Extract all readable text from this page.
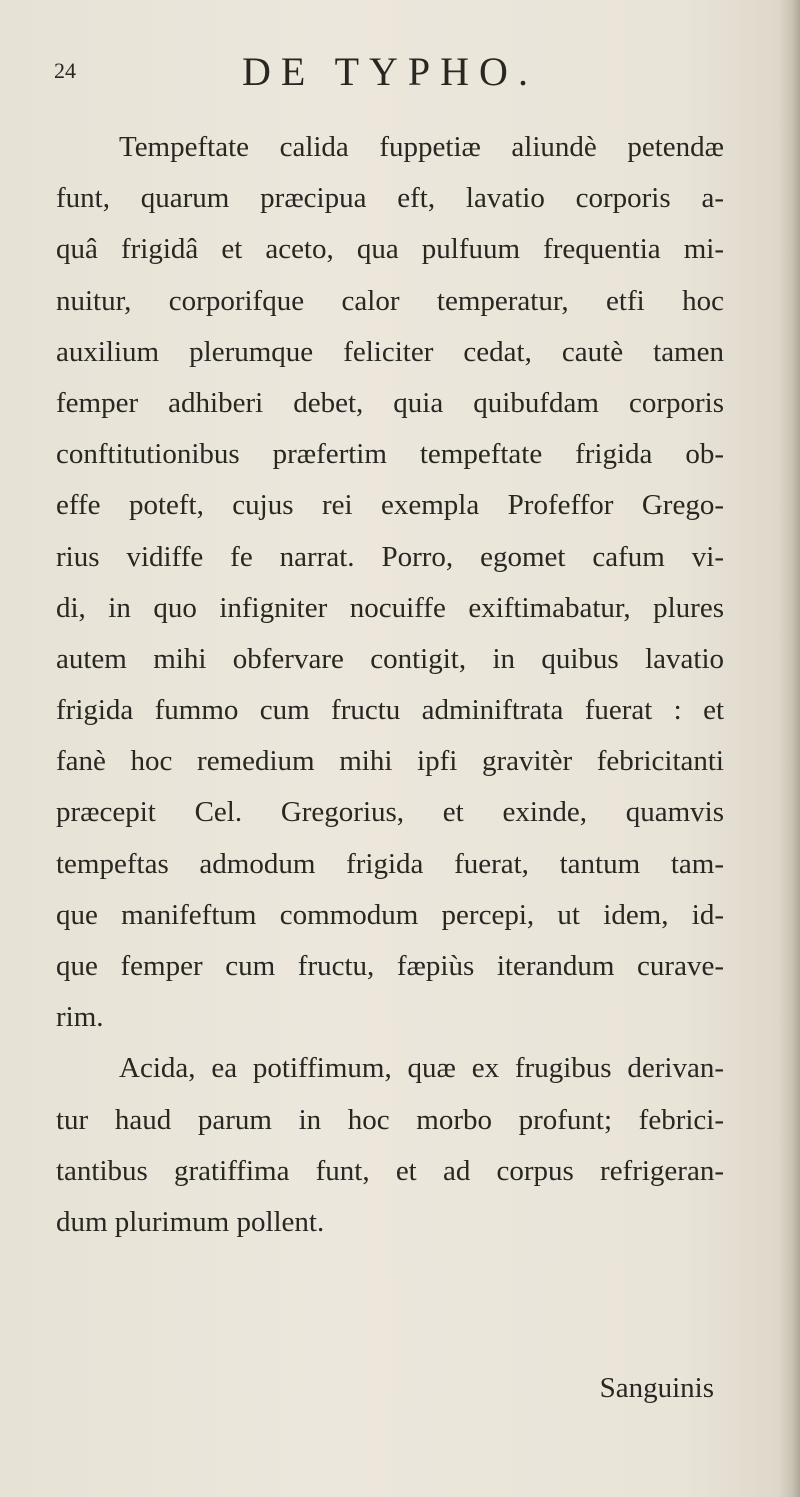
24	DE TYPHO.
Tempeftate calida fuppetiæ aliundè petendæ
funt, quarum præcipua eft, lavatio corporis a-
quâ frigidâ et aceto, qua pulfuum frequentia mi-
nuitur, corporifque calor temperatur, etfi hoc
auxilium plerumque feliciter cedat, cautè tamen
femper adhiberi debet, quia quibufdam corporis
conftitutionibus præfertim tempeftate frigida ob-
effe poteft, cujus rei exempla Profeffor Grego-
rius vidiffe fe narrat. Porro, egomet cafum vi-
di, in quo infigniter nocuiffe exiftimabatur, plures
autem mihi obfervare contigit, in quibus lavatio
frigida fummo cum fructu adminiftrata fuerat : et
fanè hoc remedium mihi ipfi gravitèr febricitanti
præcepit Cel. Gregorius, et exinde, quamvis
tempeftas admodum frigida fuerat, tantum tam-
que manifeftum commodum percepi, ut idem, id-
que femper cum fructu, fæpiùs iterandum curave-
rim.
Acida, ea potiffimum, quæ ex frugibus derivan-
tur haud parum in hoc morbo profunt; febrici-
tantibus gratiffima funt, et ad corpus refrigeran-
dum plurimum pollent.
Sanguinis
